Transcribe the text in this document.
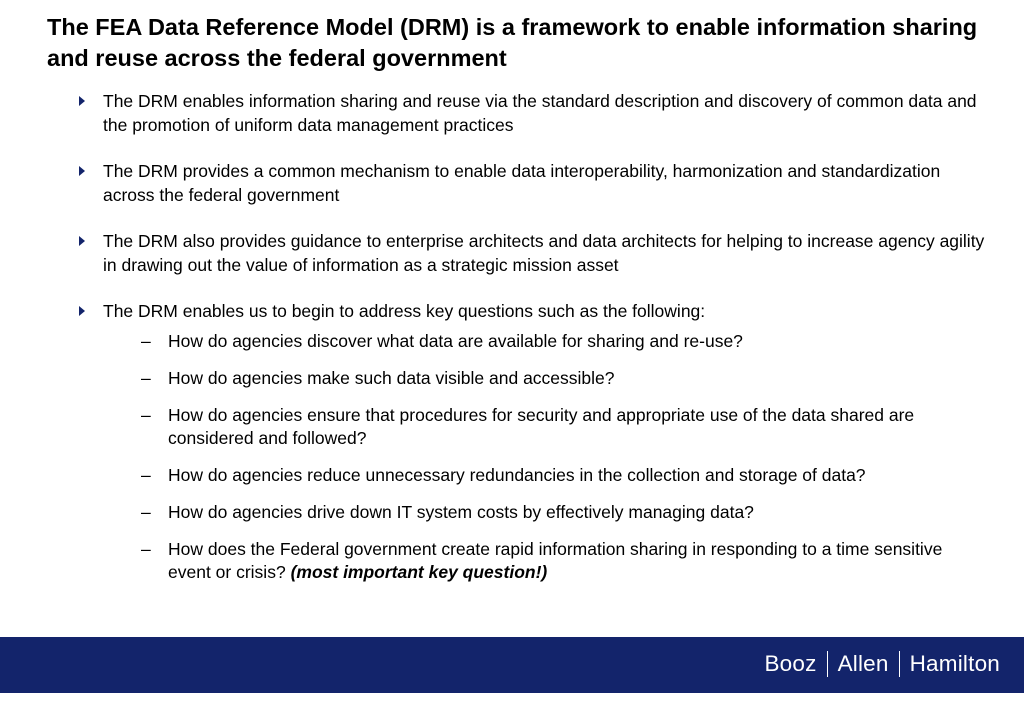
The FEA Data Reference Model (DRM) is a framework to enable information sharing and reuse across the federal government
The DRM enables information sharing and reuse via the standard description and discovery of common data and the promotion of uniform data management practices
The DRM provides a common mechanism to enable data interoperability, harmonization and standardization across the federal government
The DRM also provides guidance to enterprise architects and data architects for helping to increase agency agility in drawing out the value of information as a strategic mission asset
The DRM enables us to begin to address key questions such as the following:
– How do agencies discover what data are available for sharing and re-use?
– How do agencies make such data visible and accessible?
– How do agencies ensure that procedures for security and appropriate use of the data shared are considered and followed?
– How do agencies reduce unnecessary redundancies in the collection and storage of data?
– How do agencies drive down IT system costs by effectively managing data?
– How does the Federal government create rapid information sharing in responding to a time sensitive event or crisis? (most important key question!)
Booz Allen Hamilton
